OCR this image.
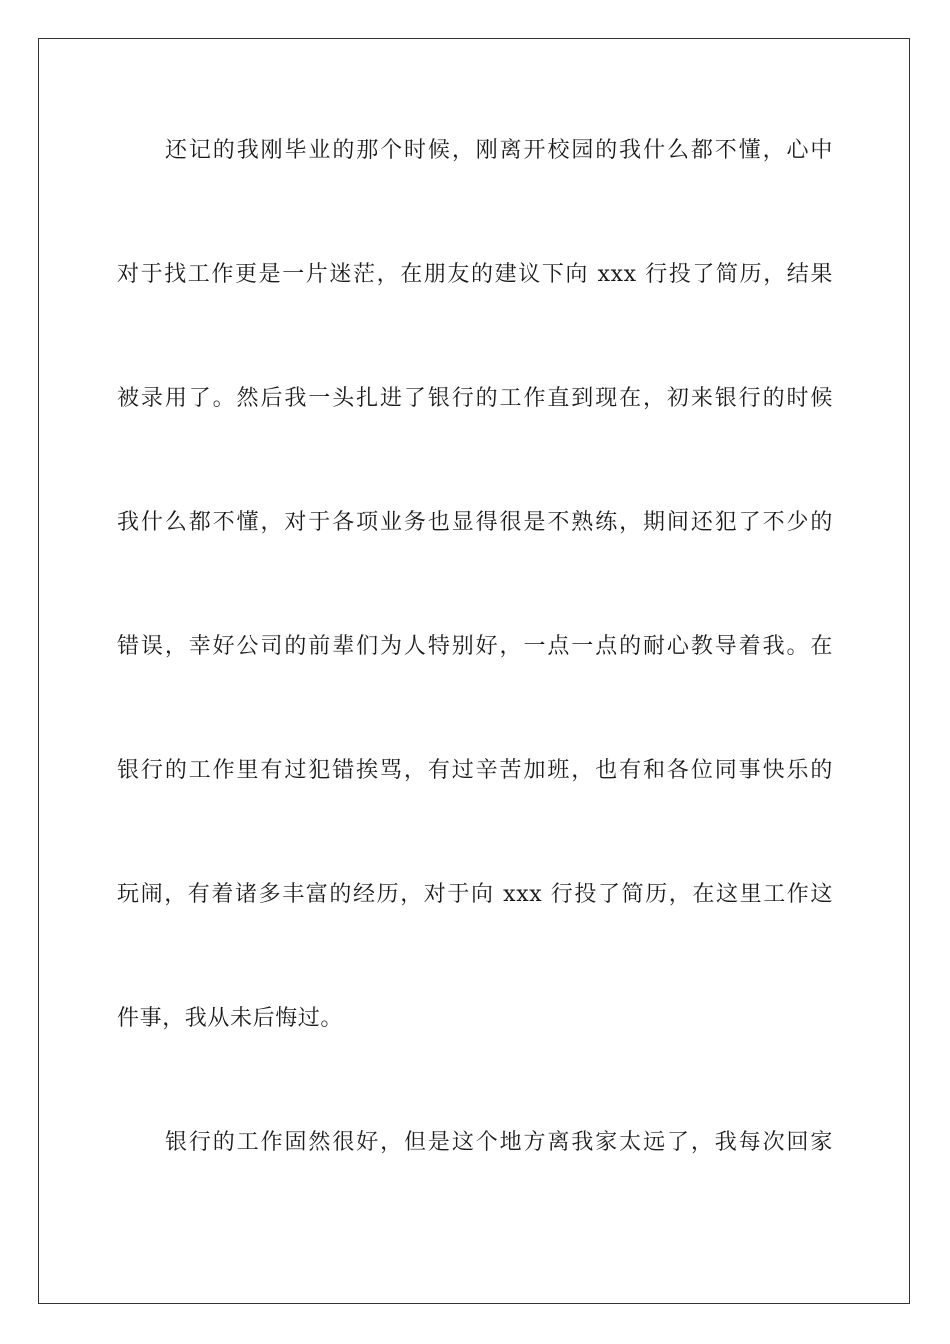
还记的我刚毕业的那个时候，刚离开校园的我什么都不懂，心中
对于找工作更是一片迷茫，在朋友的建议下向 xxx 行投了简历，结果
被录用了。然后我一头扎进了银行的工作直到现在，初来银行的时候
我什么都不懂，对于各项业务也显得很是不熟练，期间还犯了不少的
错误，幸好公司的前辈们为人特别好，一点一点的耐心教导着我。在
银行的工作里有过犯错挨骂，有过辛苦加班，也有和各位同事快乐的
玩闹，有着诸多丰富的经历，对于向 xxx 行投了简历，在这里工作这
件事，我从未后悔过。
银行的工作固然很好，但是这个地方离我家太远了，我每次回家
